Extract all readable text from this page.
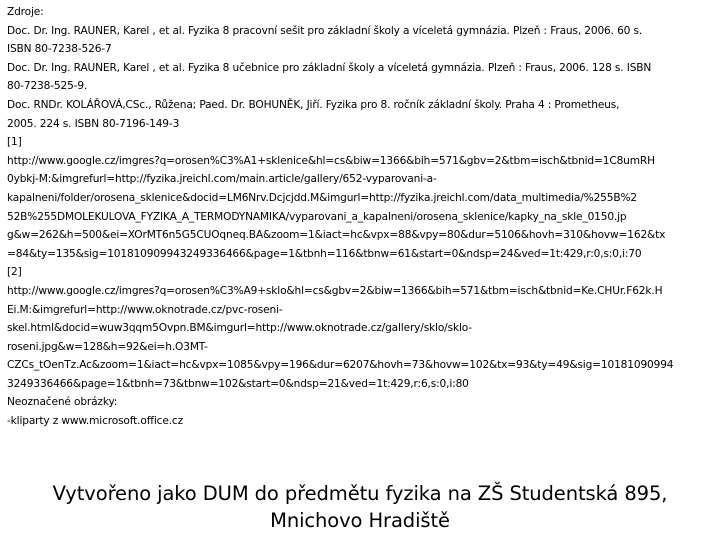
Zdroje:
Doc. Dr. Ing. RAUNER, Karel , et al. Fyzika 8 pracovní sešit pro základní školy a víceletá gymnázia. Plzeň : Fraus, 2006. 60 s.
ISBN 80-7238-526-7
Doc. Dr. Ing. RAUNER, Karel , et al. Fyzika 8 učebnice pro základní školy a víceletá gymnázia. Plzeň : Fraus, 2006. 128 s. ISBN
80-7238-525-9.
Doc. RNDr. KOLÁŘOVÁ,CSc., Růžena; Paed. Dr. BOHUNĚK, Jiří. Fyzika pro 8. ročník základní školy. Praha 4 : Prometheus,
2005. 224 s. ISBN 80-7196-149-3
[1]
http://www.google.cz/imgres?q=orosen%C3%A1+sklenice&hl=cs&biw=1366&bih=571&gbv=2&tbm=isch&tbnid=1C8umRH
0ybkj-M:&imgrefurl=http://fyzika.jreichl.com/main.article/gallery/652-vyparovani-a-
kapalneni/folder/orosena_sklenice&docid=LM6Nrv.Dcjcjdd.M&imgurl=http://fyzika.jreichl.com/data_multimedia/%255B%2
52B%255DMOLEKULOVA_FYZIKA_A_TERMODYNAMIKA/vyparovani_a_kapalneni/orosena_sklenice/kapky_na_skle_0150.jp
g&w=262&h=500&ei=XOrMT6n5G5CUOqneq.BA&zoom=1&iact=hc&vpx=88&vpy=80&dur=5106&hovh=310&hovw=162&tx
=84&ty=135&sig=101810909943249336466&page=1&tbnh=116&tbnw=61&start=0&ndsp=24&ved=1t:429,r:0,s:0,i:70
[2]
http://www.google.cz/imgres?q=orosen%C3%A9+sklo&hl=cs&gbv=2&biw=1366&bih=571&tbm=isch&tbnid=Ke.CHUr.F62k.H
Ei.M:&imgrefurl=http://www.oknotrade.cz/pvc-roseni-
skel.html&docid=wuw3qqm5Ovpn.BM&imgurl=http://www.oknotrade.cz/gallery/sklo/sklo-
roseni.jpg&w=128&h=92&ei=h.O3MT-
CZCs_tOenTz.Ac&zoom=1&iact=hc&vpx=1085&vpy=196&dur=6207&hovh=73&hovw=102&tx=93&ty=49&sig=10181090994
3249336466&page=1&tbnh=73&tbnw=102&start=0&ndsp=21&ved=1t:429,r:6,s:0,i:80
Neoznačené obrázky:
-kliparty z www.microsoft.office.cz
Vytvořeno jako DUM do předmětu fyzika na ZŠ Studentská 895,
Mnichovo Hradiště
